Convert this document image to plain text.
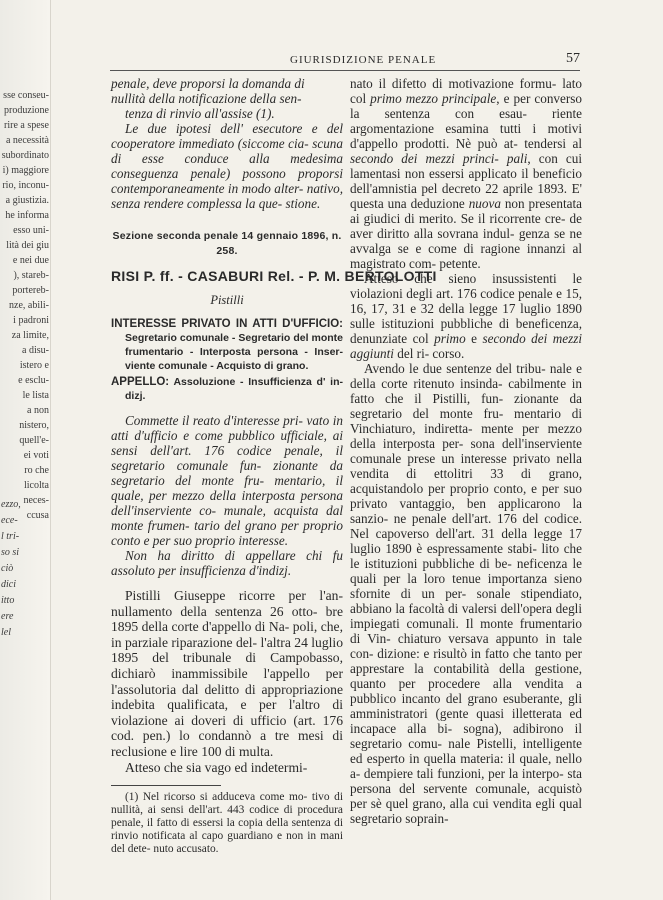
sse conseu-
produzione
rire a spese
a necessità
subordinato
i) maggiore
rio, inconu-
a giustizia.
he informa
esso uni-
lità dei giu
e nei due
), stareb-
porterеb-
nze, abili-
i padroni
za limite,
a disu-
istero e
e esclu-
le lista
a non
nistero,
quell'e-
ei voti
ro che
licolta
neces-
ccusa
ezzo,
ece-
l tri-
so si
ciò
dici
itto
ere
lel
GIURISDIZIONE PENALE	57

penale, deve proporsi la domanda di

nullità della notificazione della sen-

tenza di rinvio all'assise (1).

Le due ipotesi dell' esecutore e del cooperatore immediato (siccome cia- scuna di esse conduce alla medesima conseguenza penale) possono proporsi contemporaneamente in modo alter- nativo, senza rendere complessa la que- stione.

Sezione seconda penale 14 gennaio 1896, n. 258.
RISI P. ff. - CASABURI Rel. - P. M. BERTOLOTTI
Pistilli
INTERESSE PRIVATO IN ATTI D'UFFICIO: Segretario comunale - Segretario del monte frumentario - Interposta persona - Inser- viente comunale - Acquisto di grano.
APPELLO: Assoluzione - Insufficienza d' in- dizj.

Commette il reato d'interesse pri- vato in atti d'ufficio e come pubblico ufficiale, ai sensi dell'art. 176 codice penale, il segretario comunale fun- zionante da segretario del monte fru- mentario, il quale, per mezzo della interposta persona dell'inserviente co- munale, acquista dal monte frumen- tario del grano per proprio conto e per suo proprio interesse.

Non ha diritto di appellare chi fu assoluto per insufficienza d'indizj.

Pistilli Giuseppe ricorre per l'an- nullamento della sentenza 26 otto- bre 1895 della corte d'appello di Na- poli, che, in parziale riparazione del- l'altra 24 luglio 1895 del tribunale di Campobasso, dichiarò inammissibile l'appello per l'assolutoria dal delitto di appropriazione indebita qualificata, e per l'altro di violazione ai doveri di ufficio (art. 176 cod. pen.) lo condannò a tre mesi di reclusione e lire 100 di multa.

Atteso che sia vago ed indetermi-

(1) Nel ricorso si adduceva come mo- tivo di nullità, ai sensi dell'art. 443 codice di procedura penale, il fatto di essersi la copia della sentenza di rinvio notificata al capo guardiano e non in mani del dete- nuto accusato.

nato il difetto di motivazione formu- lato col primo mezzo principale, e per converso la sentenza con esau- riente argomentazione esamina tutti i motivi d'appello prodotti. Nè può at- tendersi al secondo dei mezzi princi- pali, con cui lamentasi non essersi applicato il beneficio dell'amnistia pel decreto 22 aprile 1893. E' questa una deduzione nuova non presentata ai giudici di merito. Se il ricorrente cre- de aver diritto alla sovrana indul- genza se ne avvalga se e come di ragione innanzi al magistrato com- petente.

Atteso che sieno insussistenti le violazioni degli art. 176 codice penale e 15, 16, 17, 31 e 32 della legge 17 luglio 1890 sulle istituzioni pubbliche di beneficenza, denunziate col primo e secondo dei mezzi aggiunti del ri- corso.

Avendo le due sentenze del tribu- nale e della corte ritenuto insinda- cabilmente in fatto che il Pistilli, fun- zionante da segretario del monte fru- mentario di Vinchiaturo, indiretta- mente per mezzo della interposta per- sona dell'inserviente comunale prese un interesse privato nella vendita di ettolitri 33 di grano, acquistandolo per proprio conto, e per suo privato vantaggio, ben applicarono la sanzio- ne penale dell'art. 176 del codice. Nel capoverso dell'art. 31 della legge 17 luglio 1890 è espressamente stabi- lito che le istituzioni pubbliche di be- neficenza le quali per la loro tenue importanza sieno sfornite di un per- sonale stipendiato, abbiano la facoltà di valersi dell'opera degli impiegati comunali. Il monte frumentario di Vin- chiaturo versava appunto in tale con- dizione: e risultò in fatto che tanto per apprestare la contabilità della gestione, quanto per procedere alla vendita a pubblico incanto del grano esuberante, gli amministratori (gente quasi illetterata ed incapace alla bi- sogna), adibirono il segretario comu- nale Pistelli, intelligente ed esperto in quella materia: il quale, nello a- dempiere tali funzioni, per la interpo- sta persona del servente comunale, acquistò per sè quel grano, alla cui vendita egli qual segretario soprain-
